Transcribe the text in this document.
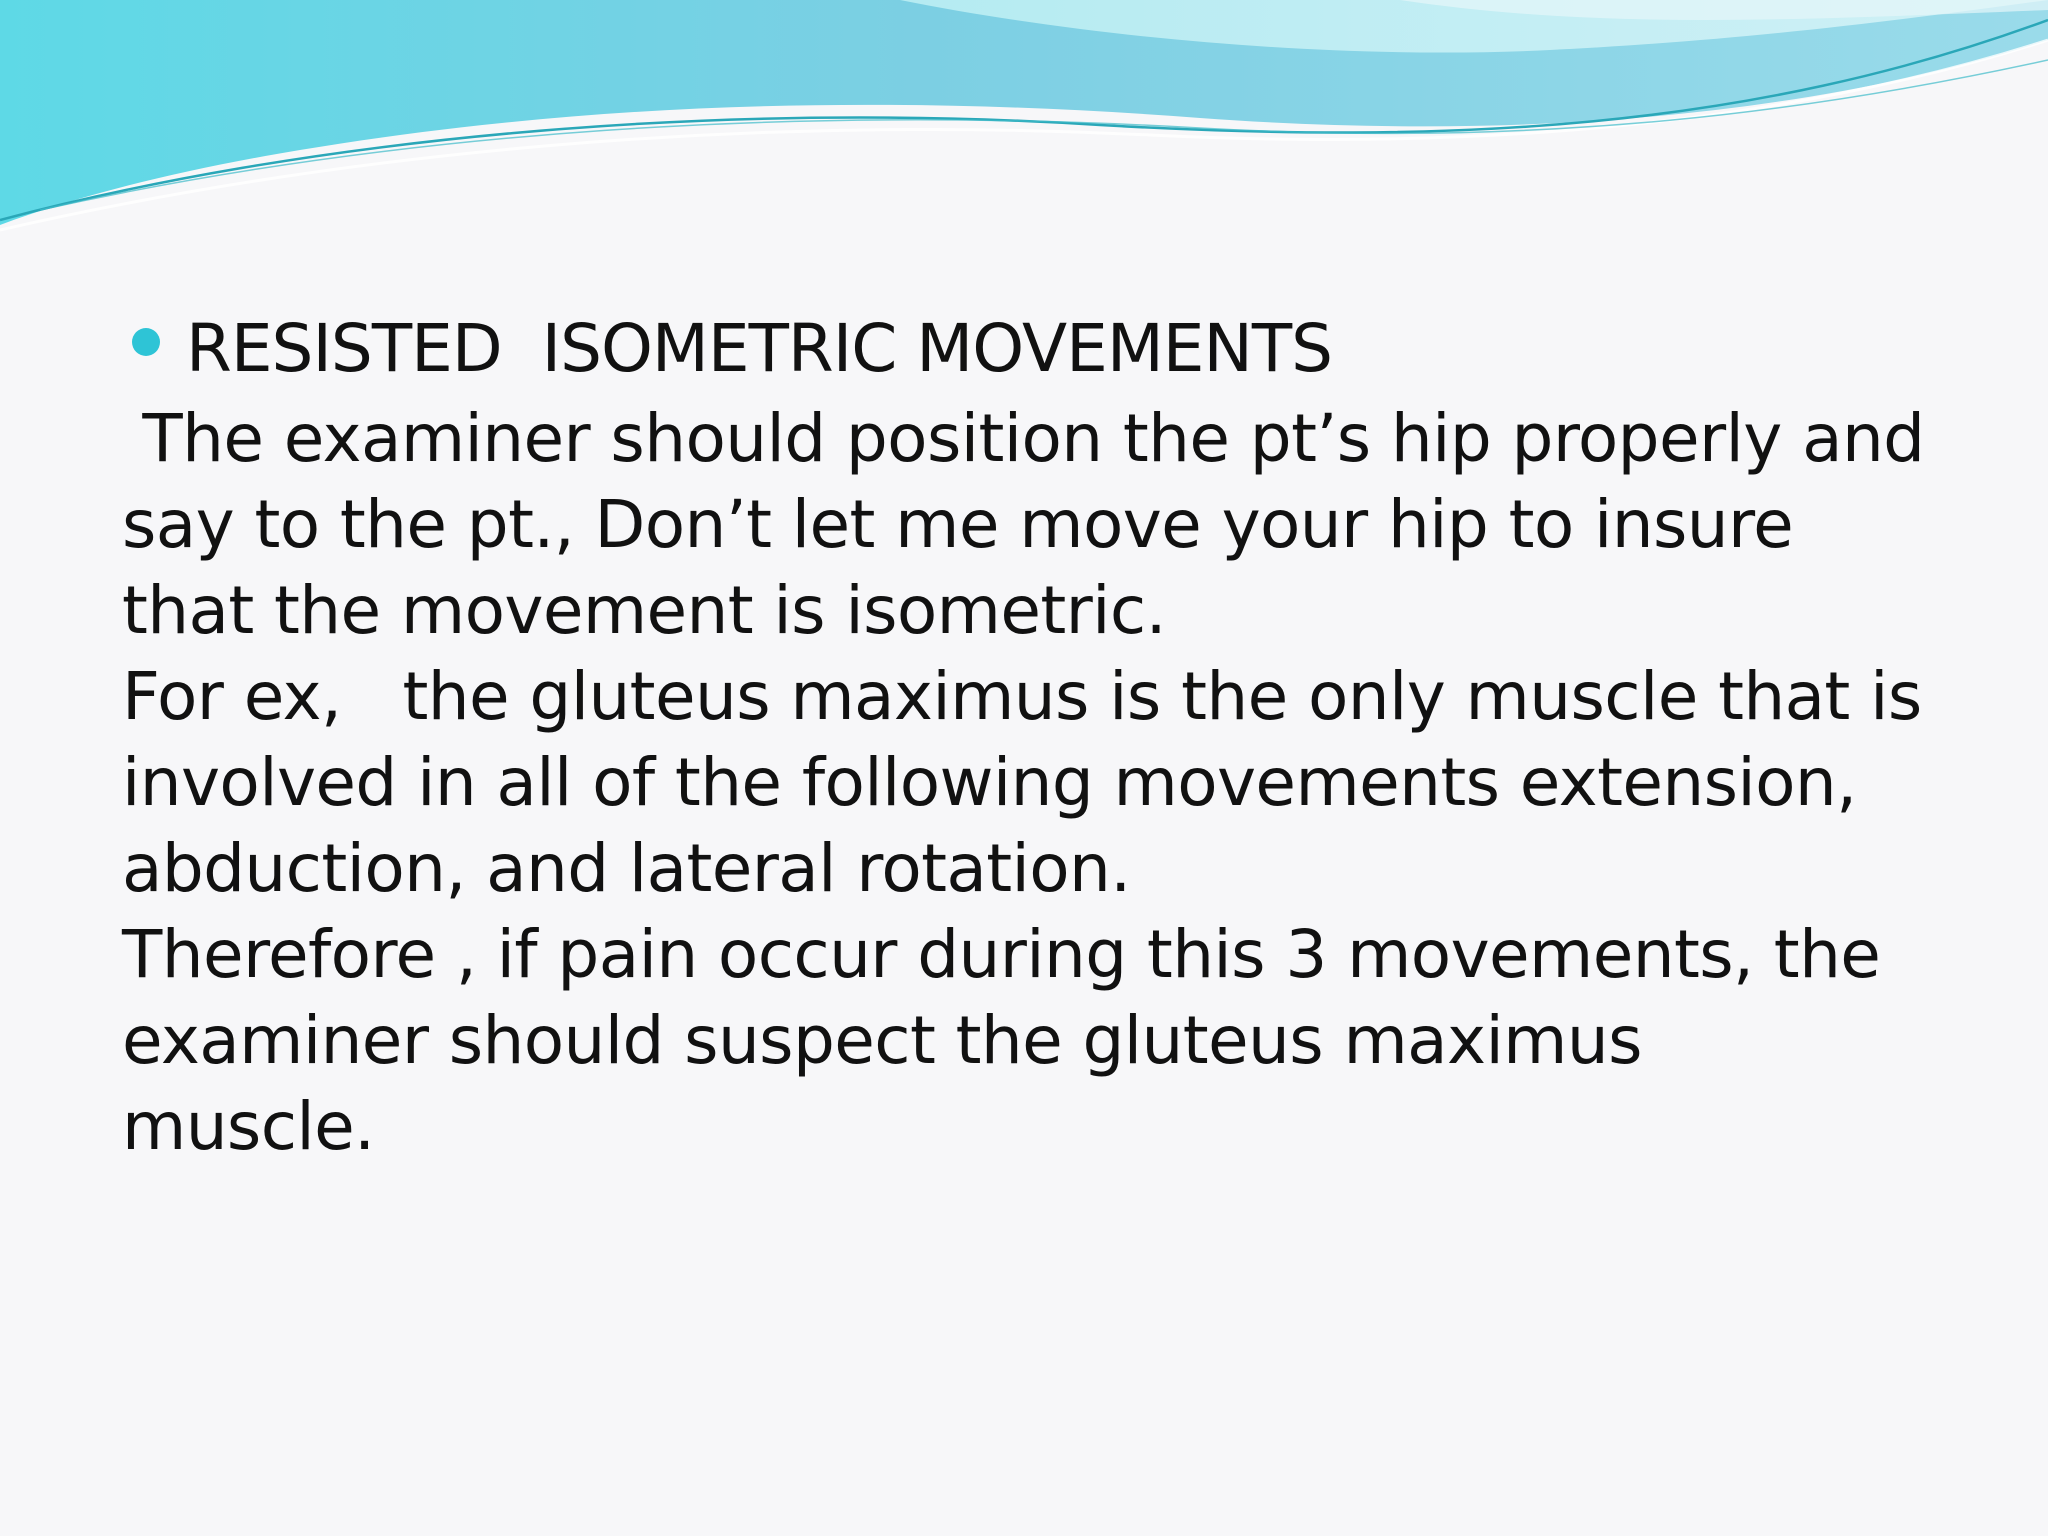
RESISTED  ISOMETRIC MOVEMENTS

The examiner should position the pt’s hip properly and
say to the pt., Don’t let me move your hip to insure
that the movement is isometric.

For ex,   the gluteus maximus is the only muscle that is
involved in all of the following movements extension,
abduction, and lateral rotation.

Therefore , if pain occur during this 3 movements, the
examiner should suspect the gluteus maximus
muscle.
